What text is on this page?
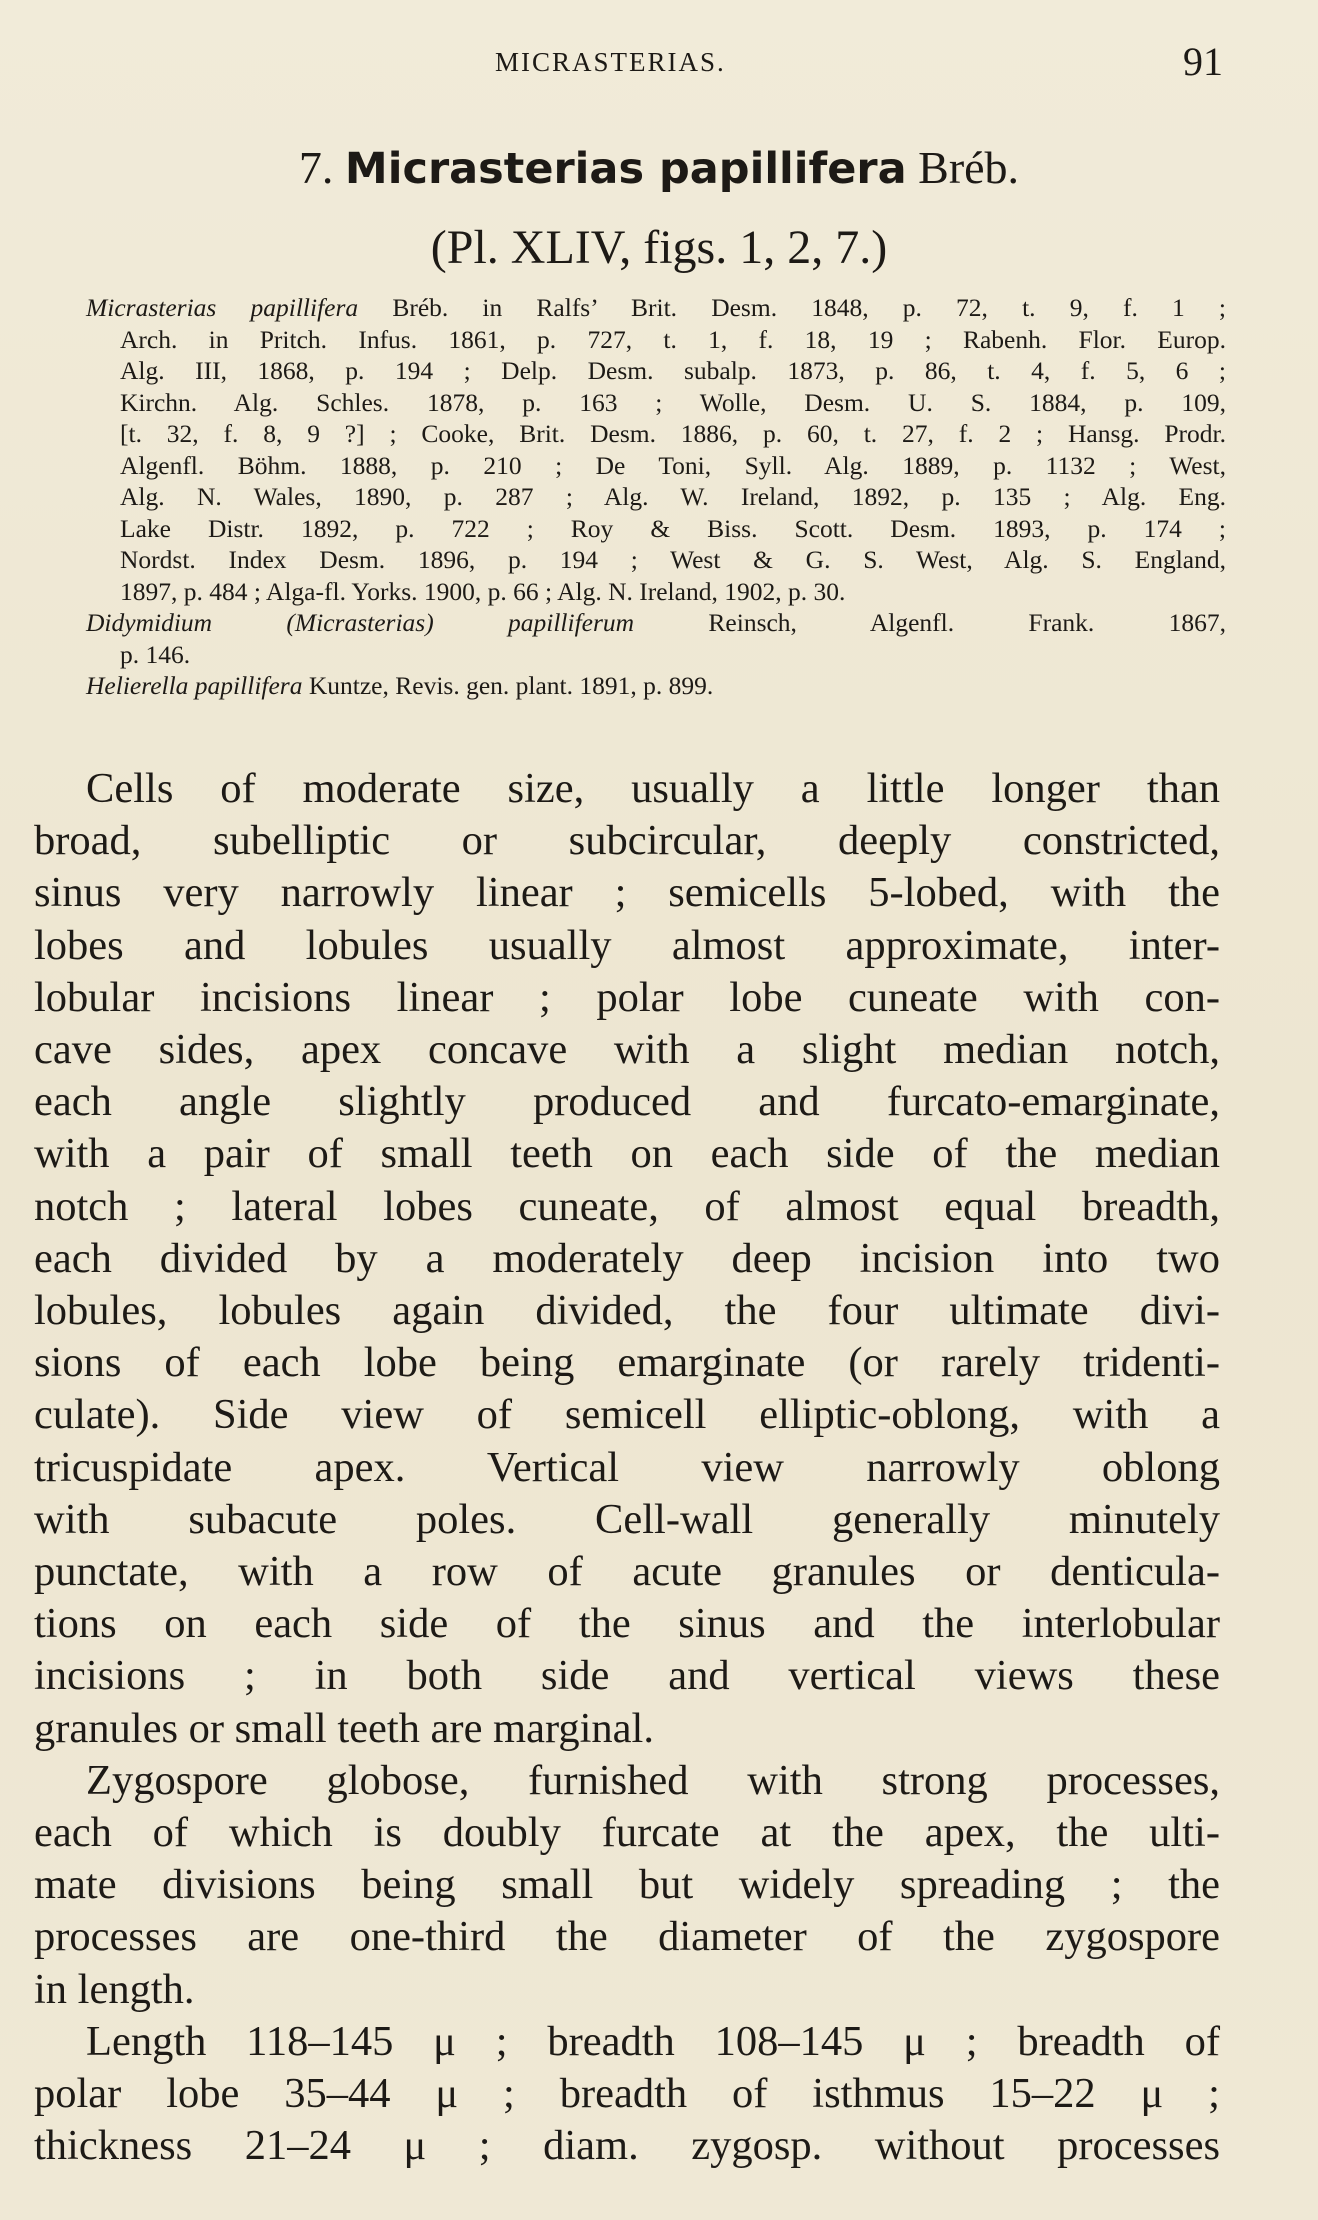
MICRASTERIAS.	91
7. Micrasterias papillifera Bréb.
(Pl. XLIV, figs. 1, 2, 7.)
Micrasterias papillifera Bréb. in Ralfs’ Brit. Desm. 1848, p. 72, t. 9, f. 1 ;
Arch. in Pritch. Infus. 1861, p. 727, t. 1, f. 18, 19 ; Rabenh. Flor. Europ.
Alg. III, 1868, p. 194 ; Delp. Desm. subalp. 1873, p. 86, t. 4, f. 5, 6 ;
Kirchn. Alg. Schles. 1878, p. 163 ; Wolle, Desm. U. S. 1884, p. 109,
[t. 32, f. 8, 9 ?] ; Cooke, Brit. Desm. 1886, p. 60, t. 27, f. 2 ; Hansg. Prodr.
Algenfl. Böhm. 1888, p. 210 ; De Toni, Syll. Alg. 1889, p. 1132 ; West,
Alg. N. Wales, 1890, p. 287 ; Alg. W. Ireland, 1892, p. 135 ; Alg. Eng.
Lake Distr. 1892, p. 722 ; Roy & Biss. Scott. Desm. 1893, p. 174 ;
Nordst. Index Desm. 1896, p. 194 ; West & G. S. West, Alg. S. England,
1897, p. 484 ; Alga-fl. Yorks. 1900, p. 66 ; Alg. N. Ireland, 1902, p. 30.
Didymidium (Micrasterias) papilliferum Reinsch, Algenfl. Frank. 1867,
p. 146.
Helierella papillifera Kuntze, Revis. gen. plant. 1891, p. 899.
Cells of moderate size, usually a little longer than
broad, subelliptic or subcircular, deeply constricted,
sinus very narrowly linear ; semicells 5-lobed, with the
lobes and lobules usually almost approximate, inter-
lobular incisions linear ; polar lobe cuneate with con-
cave sides, apex concave with a slight median notch,
each angle slightly produced and furcato-emarginate,
with a pair of small teeth on each side of the median
notch ; lateral lobes cuneate, of almost equal breadth,
each divided by a moderately deep incision into two
lobules, lobules again divided, the four ultimate divi-
sions of each lobe being emarginate (or rarely tridenti-
culate). Side view of semicell elliptic-oblong, with a
tricuspidate apex. Vertical view narrowly oblong
with subacute poles. Cell-wall generally minutely
punctate, with a row of acute granules or denticula-
tions on each side of the sinus and the interlobular
incisions ; in both side and vertical views these
granules or small teeth are marginal.
Zygospore globose, furnished with strong processes,
each of which is doubly furcate at the apex, the ulti-
mate divisions being small but widely spreading ; the
processes are one-third the diameter of the zygospore
in length.
Length 118–145 μ ; breadth 108–145 μ ; breadth of
polar lobe 35–44 μ ; breadth of isthmus 15–22 μ ;
thickness 21–24 μ ; diam. zygosp. without processes
